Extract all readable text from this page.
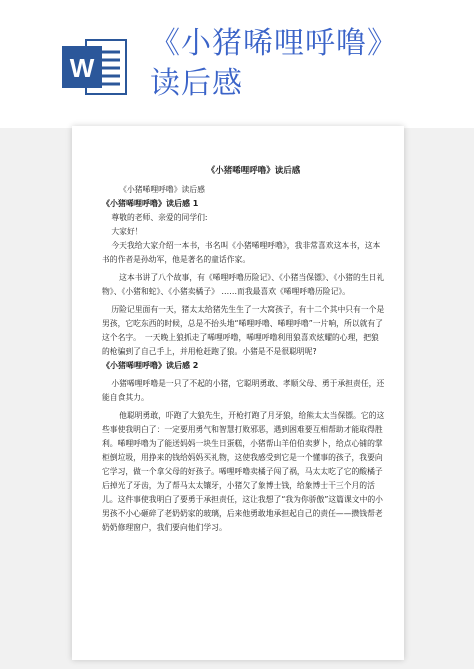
W
《小猪唏哩呼噜》
读后感
《小猪唏哩呼噜》读后感

《小猪唏哩呼噜》读后感

《小猪唏哩呼噜》读后感 1

尊敬的老师、亲爱的同学们:

大家好！

今天我给大家介绍一本书，书名叫《小猪唏哩呼噜》，我非常喜欢这本书，这本书的作者是孙幼军，他是著名的童话作家。

这本书讲了八个故事，有《唏哩呼噜历险记》、《小猪当保镖》、《小猪的生日礼物》、《小猪和蛇》、《小猪卖橘子》 ……而我最喜欢《唏哩呼噜历险记》。

历险记里面有一天，猪太太给猪先生生了一大窝孩子，有十二个其中只有一个是男孩，它吃东西的时候，总是不抬头地“唏哩呼噜、唏哩呼噜”一片响，所以就有了这个名字。　一天晚上狼抓走了唏哩呼噜，唏哩呼噜利用狼喜欢炫耀的心理，把狼的枪骗到了自己手上，并用枪赶跑了狼。小猪是不是很聪明呢?

《小猪唏哩呼噜》读后感 2

小猪唏哩呼噜是一只了不起的小猪，它聪明勇敢、孝顺父母、勇于承担责任，还能自食其力。

他聪明勇敢，吓跑了大狼先生，开枪打跑了月牙狼，给熊太太当保镖。它的这些事使我明白了：一定要用勇气和智慧打败邪恶，遇到困难要互相帮助才能取得胜利。唏哩呼噜为了能送妈妈一块生日蛋糕，小猪帮山羊伯伯卖萝卜，给点心铺的掌柜倒垃圾，用挣来的钱给妈妈买礼物，这使我感受到它是一个懂事的孩子，我要向它学习，做一个拿父母的好孩子。唏哩呼噜卖橘子闯了祸，马太太吃了它的酸橘子后掉光了牙齿，为了帮马太太镶牙，小猪欠了象博士钱，给象博士干三个月的活儿。这件事使我明白了要勇于承担责任，这让我想了“我为你骄傲”这篇课文中的小男孩不小心砸碎了老奶奶家的玻璃，后来他勇敢地承担起自己的责任——攒钱帮老奶奶修理窗户，我们要向他们学习。
